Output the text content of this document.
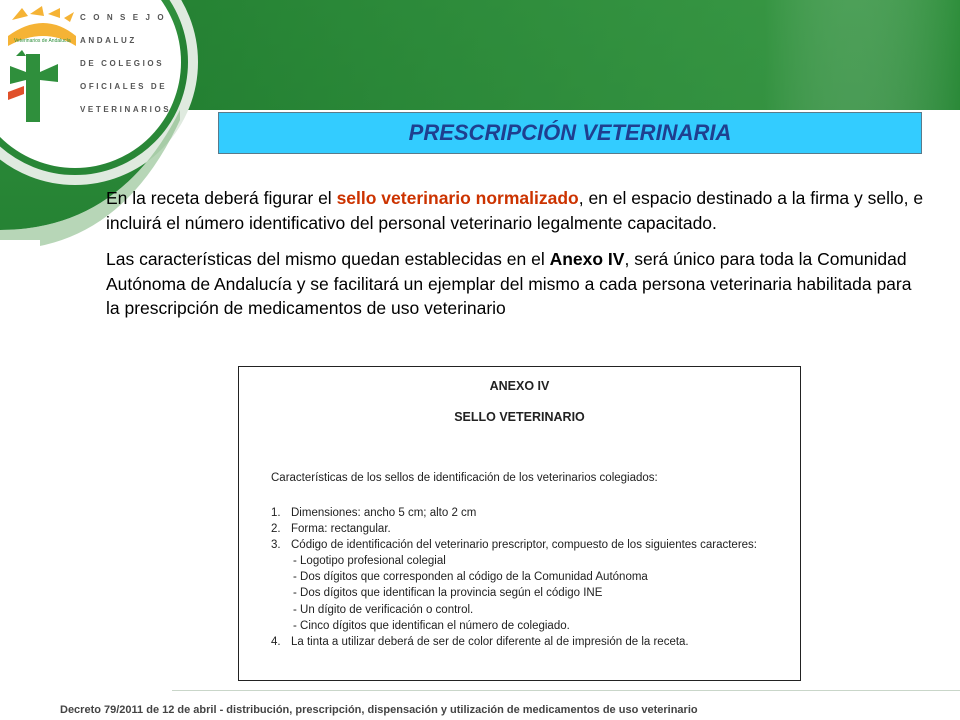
Veterinarios de Andalucía
C O N S E J O
ANDALUZ
DE COLEGIOS
OFICIALES DE
VETERINARIOS
PRESCRIPCIÓN VETERINARIA

En la receta deberá figurar el sello veterinario normalizado, en el espacio destinado a la firma y sello, e incluirá el número identificativo del personal veterinario legalmente capacitado.

Las características del mismo quedan establecidas en el Anexo IV, será único para toda la Comunidad Autónoma de Andalucía y se facilitará un ejemplar del mismo a cada persona veterinaria habilitada para la prescripción de medicamentos de uso veterinario

ANEXO IV
SELLO VETERINARIO
Características de los sellos de identificación de los veterinarios colegiados:
1. Dimensiones: ancho 5 cm; alto 2 cm
2. Forma: rectangular.
3. Código de identificación del veterinario prescriptor, compuesto de los siguientes caracteres:
- Logotipo profesional colegial
- Dos dígitos que corresponden al código de la Comunidad Autónoma
- Dos dígitos que identifican la provincia según el código INE
- Un dígito de verificación o control.
- Cinco dígitos que identifican el número de colegiado.
4. La tinta a utilizar deberá de ser de color diferente al de impresión de la receta.
Decreto 79/2011 de 12 de abril - distribución, prescripción, dispensación y utilización de medicamentos de uso veterinario
